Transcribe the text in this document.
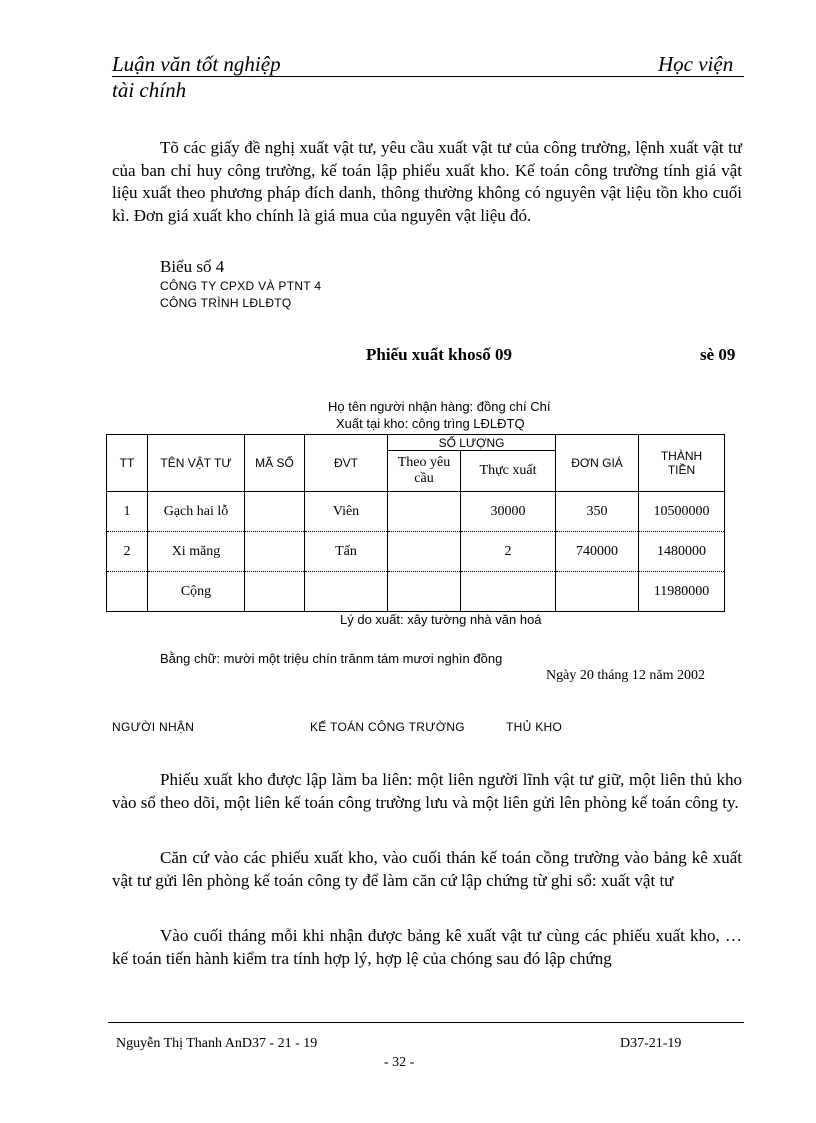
Luận văn tốt nghiệp	Học viện
tài chính

Tõ các giấy đề nghị xuất vật tư, yêu cầu xuất vật tư của công trường, lệnh xuất vật tư của ban chỉ huy công trường, kế toán lập phiếu xuất kho. Kế toán công trường tính giá vật liệu xuất theo phương pháp đích danh, thông thường không có nguyên vật liệu tồn kho cuối kì. Đơn giá xuất kho chính là giá mua của nguyên vật liệu đó.

Biểu số 4
CÔNG TY CPXD VÀ PTNT 4
CÔNG TRÌNH LĐLĐTQ
Phiếu xuất khosố 09	sè 09
Họ tên người nhận hàng: đồng chí Chí
Xuất tại kho: công trìng LĐLĐTQ
TT	TÊN VẬT TƯ	MÃ SỐ	ĐVT	SỐ LƯỢNG		ĐƠN GIÁ	THÀNH TIỀN
				Theo yêu cầu	Thực xuất		
1	Gạch hai lỗ		Viên		30000	350	10500000
2	Xi măng		Tấn		2	740000	1480000
	Cộng						11980000
Lý do xuất: xây tường nhà văn hoá
Bằng chữ: mười một triệu chín trănm tám mươi nghìn đồng
Ngày 20 tháng 12 năm 2002
NGƯỜI NHẬN	KẾ TOÁN CÔNG TRƯỜNG	THỦ KHO

Phiếu xuất kho được lập làm ba liên: một liên người lĩnh vật tư giữ, một liên thủ kho vào sổ theo dõi, một liên kế toán công trường lưu và một liên gửi lên phòng kế toán công ty.

Căn cứ vào các phiếu xuất kho, vào cuối thán kế toán cồng trường vào bảng kê xuất vật tư gửi lên phòng kế toán công ty để làm căn cứ lập chứng từ ghi sổ: xuất vật tư

Vào cuối tháng mỗi khi nhận được bảng kê xuất vật tư cùng các phiếu xuất kho, … kế toán tiến hành kiểm tra tính hợp lý, hợp lệ của chóng sau đó lập chứng

Nguyễn Thị Thanh AnD37 - 21 - 19	D37-21-19
- 32 -
